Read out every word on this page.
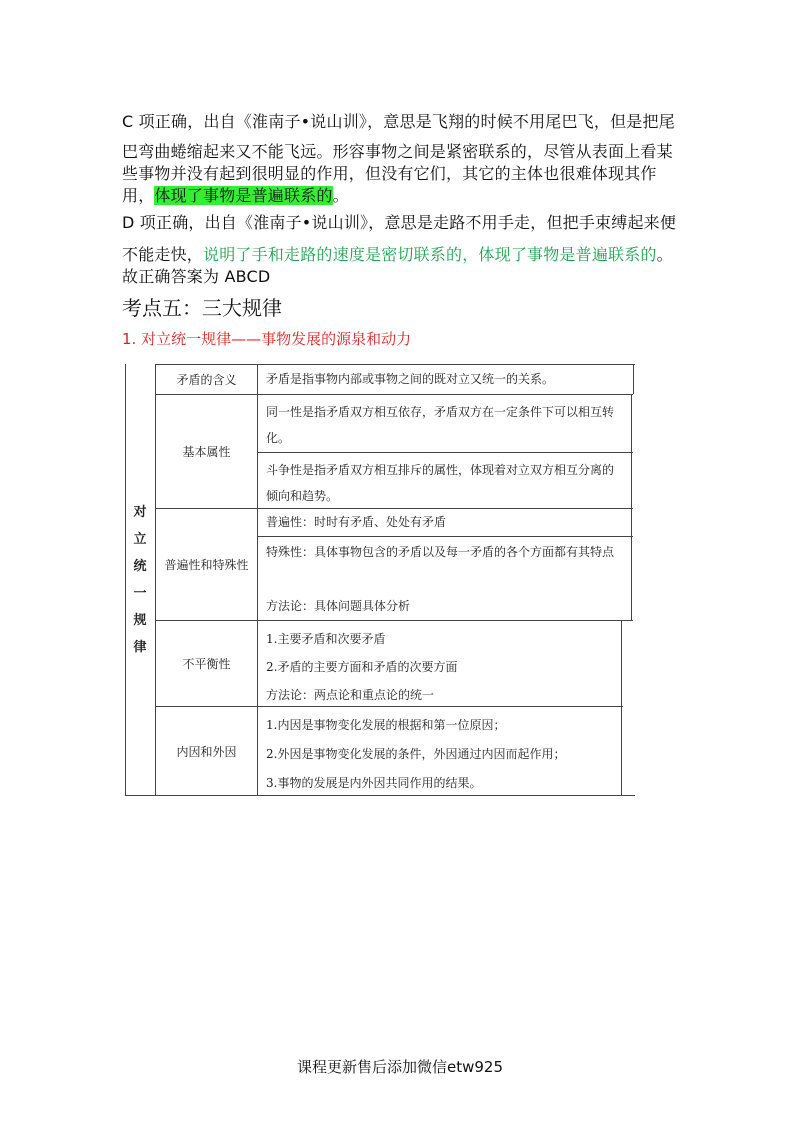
C 项正确，出自《淮南子•说山训》，意思是飞翔的时候不用尾巴飞，但是把尾
巴弯曲蜷缩起来又不能飞远。形容事物之间是紧密联系的，尽管从表面上看某
些事物并没有起到很明显的作用，但没有它们，其它的主体也很难体现其作
用，体现了事物是普遍联系的。
D 项正确，出自《淮南子•说山训》，意思是走路不用手走，但把手束缚起来便
不能走快，说明了手和走路的速度是密切联系的，体现了事物是普遍联系的。
故正确答案为 ABCD
考点五：三大规律
1. 对立统一规律——事物发展的源泉和动力
对立统一规律
矛盾的含义	矛盾是指事物内部或事物之间的既对立又统一的关系。
基本属性
同一性是指矛盾双方相互依存，矛盾双方在一定条件下可以相互转化。
斗争性是指矛盾双方相互排斥的属性，体现着对立双方相互分离的倾向和趋势。
普遍性和特殊性
普遍性：时时有矛盾、处处有矛盾
特殊性：具体事物包含的矛盾以及每一矛盾的各个方面都有其特点
方法论：具体问题具体分析
不平衡性
1.主要矛盾和次要矛盾
2.矛盾的主要方面和矛盾的次要方面
方法论：两点论和重点论的统一
内因和外因
1.内因是事物变化发展的根据和第一位原因；
2.外因是事物变化发展的条件，外因通过内因而起作用；
3.事物的发展是内外因共同作用的结果。
课程更新售后添加微信etw925
